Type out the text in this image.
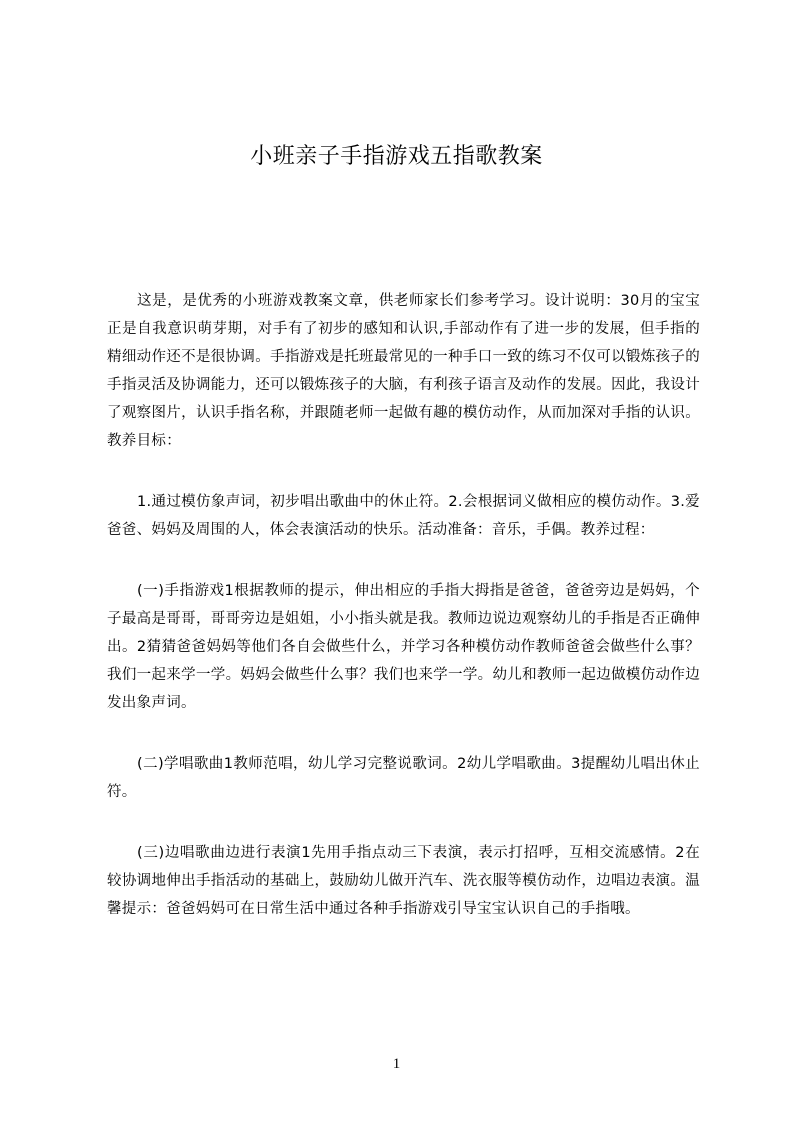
小班亲子手指游戏五指歌教案

这是，是优秀的小班游戏教案文章，供老师家长们参考学习。设计说明：30月的宝宝正是自我意识萌芽期，对手有了初步的感知和认识,手部动作有了进一步的发展，但手指的精细动作还不是很协调。手指游戏是托班最常见的一种手口一致的练习不仅可以锻炼孩子的手指灵活及协调能力，还可以锻炼孩子的大脑，有利孩子语言及动作的发展。因此，我设计了观察图片，认识手指名称，并跟随老师一起做有趣的模仿动作，从而加深对手指的认识。教养目标：

1.通过模仿象声词，初步唱出歌曲中的休止符。2.会根据词义做相应的模仿动作。3.爱爸爸、妈妈及周围的人，体会表演活动的快乐。活动准备：音乐，手偶。教养过程：

(一)手指游戏1根据教师的提示，伸出相应的手指大拇指是爸爸，爸爸旁边是妈妈，个子最高是哥哥，哥哥旁边是姐姐，小小指头就是我。教师边说边观察幼儿的手指是否正确伸出。2猜猜爸爸妈妈等他们各自会做些什么，并学习各种模仿动作教师爸爸会做些什么事？我们一起来学一学。妈妈会做些什么事？我们也来学一学。幼儿和教师一起边做模仿动作边发出象声词。

(二)学唱歌曲1教师范唱，幼儿学习完整说歌词。2幼儿学唱歌曲。3提醒幼儿唱出休止符。

(三)边唱歌曲边进行表演1先用手指点动三下表演，表示打招呼，互相交流感情。2在较协调地伸出手指活动的基础上，鼓励幼儿做开汽车、洗衣服等模仿动作，边唱边表演。温馨提示：爸爸妈妈可在日常生活中通过各种手指游戏引导宝宝认识自己的手指哦。

1
